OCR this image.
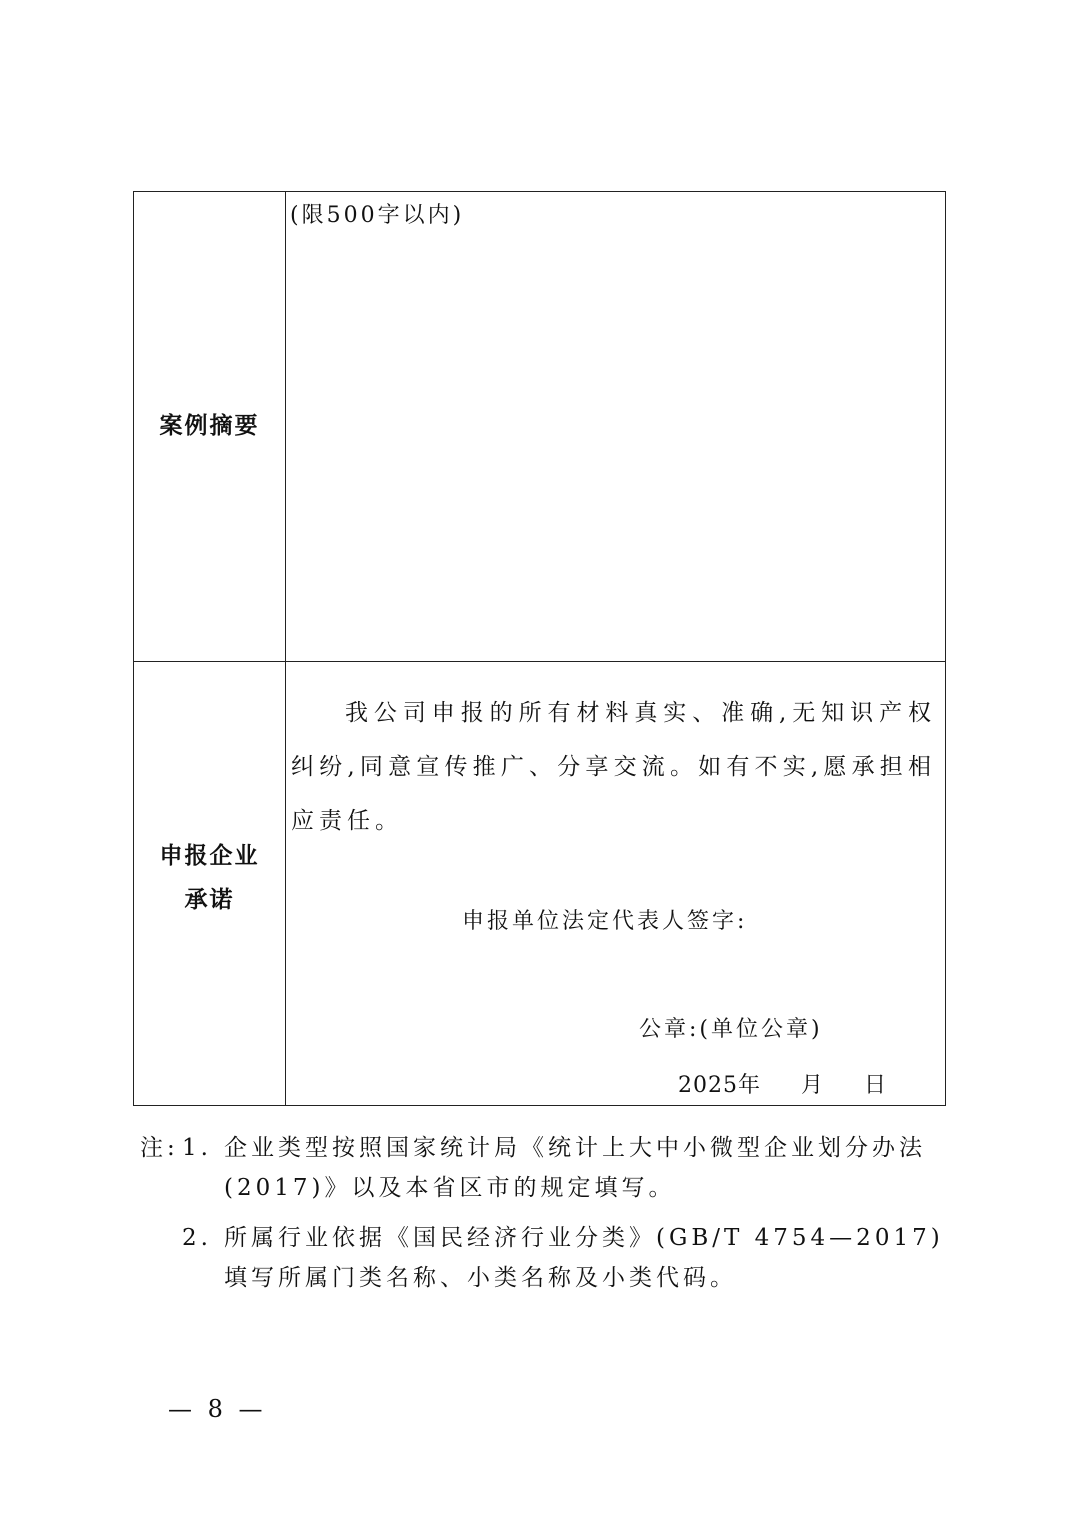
案例摘要
(限500字以内)
申报企业
承诺
我公司申报的所有材料真实、准确,无知识产权纠纷,同意宣传推广、分享交流。如有不实,愿承担相应责任。
申报单位法定代表人签字:
公章:(单位公章)
2025年 月 日
注: 1. 企业类型按照国家统计局《统计上大中小微型企业划分办法(2017)》以及本省区市的规定填写。
2. 所属行业依据《国民经济行业分类》(GB/T 4754—2017)填写所属门类名称、小类名称及小类代码。
— 8 —
